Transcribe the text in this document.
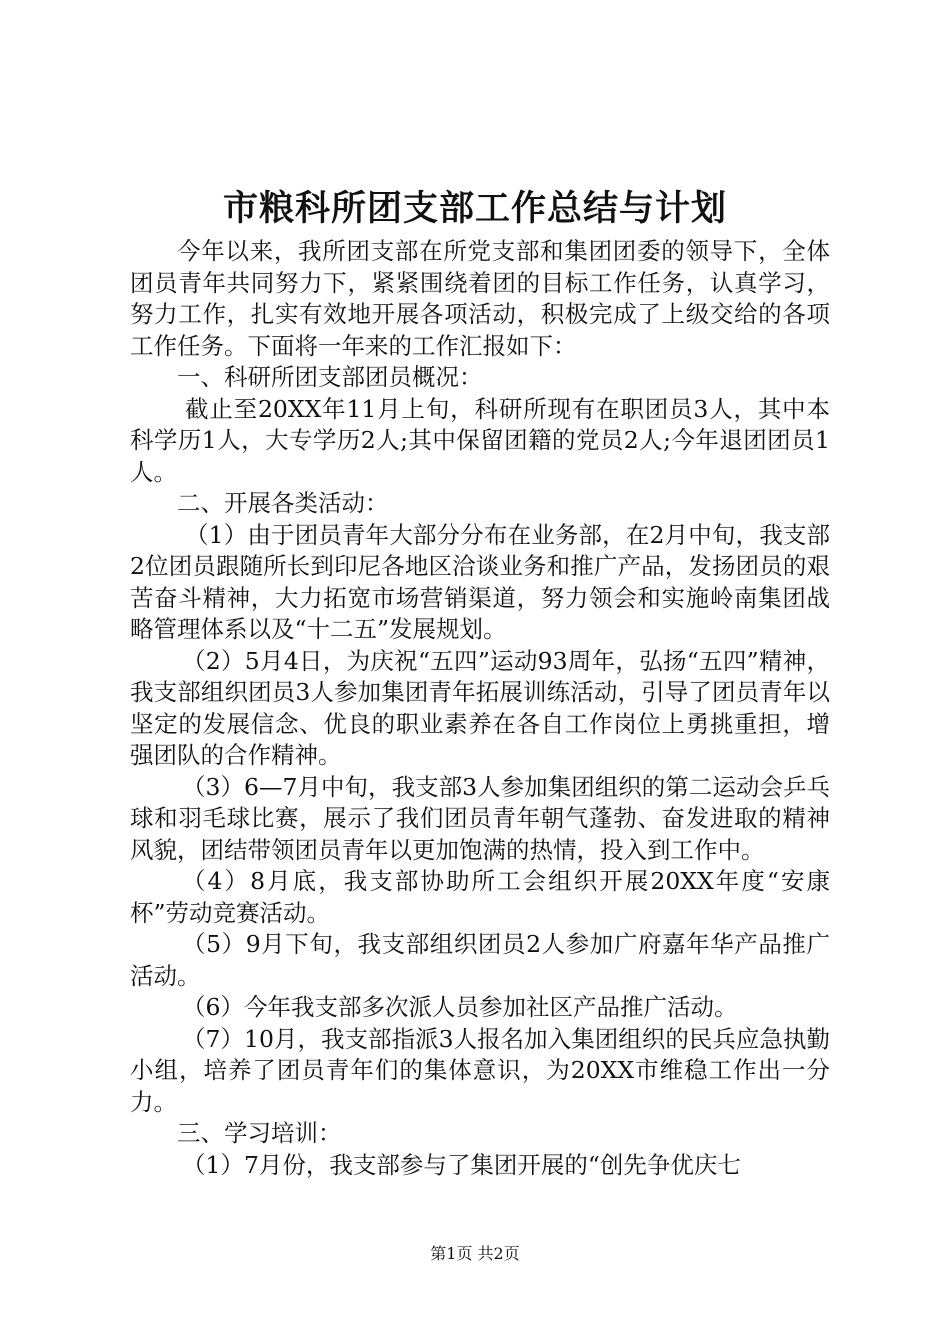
市粮科所团支部工作总结与计划

今年以来，我所团支部在所党支部和集团团委的领导下，全体团员青年共同努力下，紧紧围绕着团的目标工作任务，认真学习，努力工作，扎实有效地开展各项活动，积极完成了上级交给的各项工作任务。下面将一年来的工作汇报如下：

一、科研所团支部团员概况：

截止至20XX年11月上旬，科研所现有在职团员3人，其中本科学历1人，大专学历2人;其中保留团籍的党员2人;今年退团团员1人。

二、开展各类活动：

（1）由于团员青年大部分分布在业务部，在2月中旬，我支部2位团员跟随所长到印尼各地区洽谈业务和推广产品，发扬团员的艰苦奋斗精神，大力拓宽市场营销渠道，努力领会和实施岭南集团战略管理体系以及“十二五”发展规划。

（2）5月4日，为庆祝“五四”运动93周年，弘扬“五四”精神，我支部组织团员3人参加集团青年拓展训练活动，引导了团员青年以坚定的发展信念、优良的职业素养在各自工作岗位上勇挑重担，增强团队的合作精神。

（3）6—7月中旬，我支部3人参加集团组织的第二运动会乒乓球和羽毛球比赛，展示了我们团员青年朝气蓬勃、奋发进取的精神风貌，团结带领团员青年以更加饱满的热情，投入到工作中。

（4）8月底，我支部协助所工会组织开展20XX年度“安康杯”劳动竞赛活动。

（5）9月下旬，我支部组织团员2人参加广府嘉年华产品推广活动。

（6）今年我支部多次派人员参加社区产品推广活动。

（7）10月，我支部指派3人报名加入集团组织的民兵应急执勤小组，培养了团员青年们的集体意识，为20XX市维稳工作出一分力。

三、学习培训：

（1）7月份，我支部参与了集团开展的“创先争优庆七

第1页 共2页
